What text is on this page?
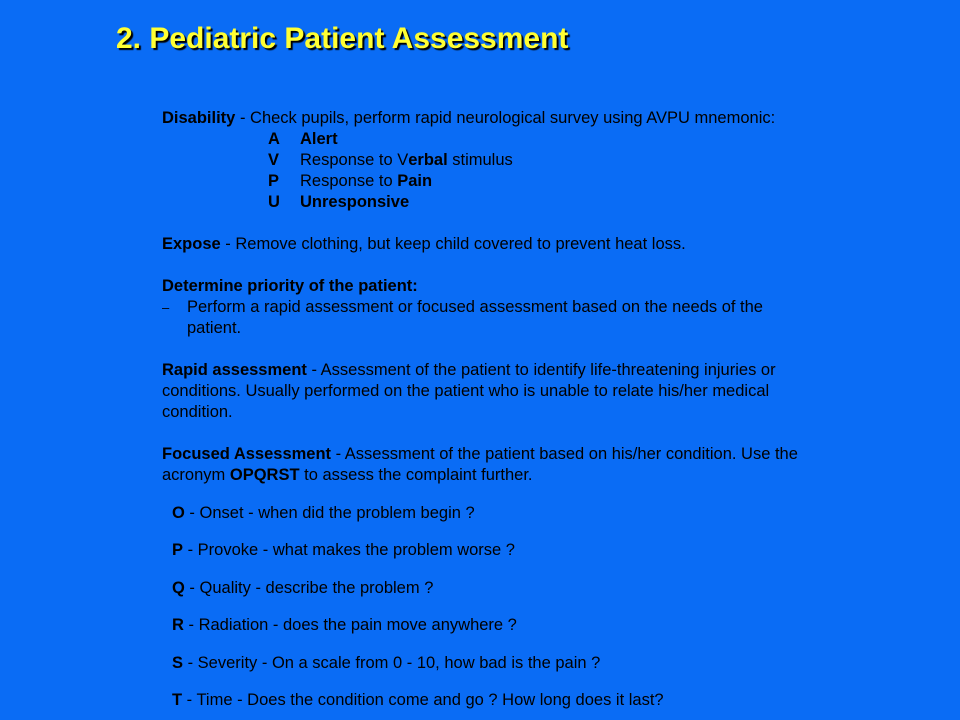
2. Pediatric Patient Assessment

Disability - Check pupils, perform rapid neurological survey using AVPU mnemonic:

A	Alert
V	Response to Verbal stimulus
P	Response to Pain
U	Unresponsive

Expose - Remove clothing, but keep child covered to prevent heat loss.

Determine priority of the patient:

–	Perform a rapid assessment or focused assessment based on the needs of the

patient.

Rapid assessment - Assessment of the patient to identify life-threatening injuries or

conditions. Usually performed on the patient who is unable to relate his/her medical

condition.

Focused Assessment - Assessment of the patient based on his/her condition. Use the

acronym OPQRST to assess the complaint further.

O - Onset - when did the problem begin ?

P - Provoke - what makes the problem worse ?

Q - Quality - describe the problem ?

R - Radiation - does the pain move anywhere ?

S - Severity - On a scale from 0 - 10, how bad is the pain ?

T - Time - Does the condition come and go ? How long does it last?
